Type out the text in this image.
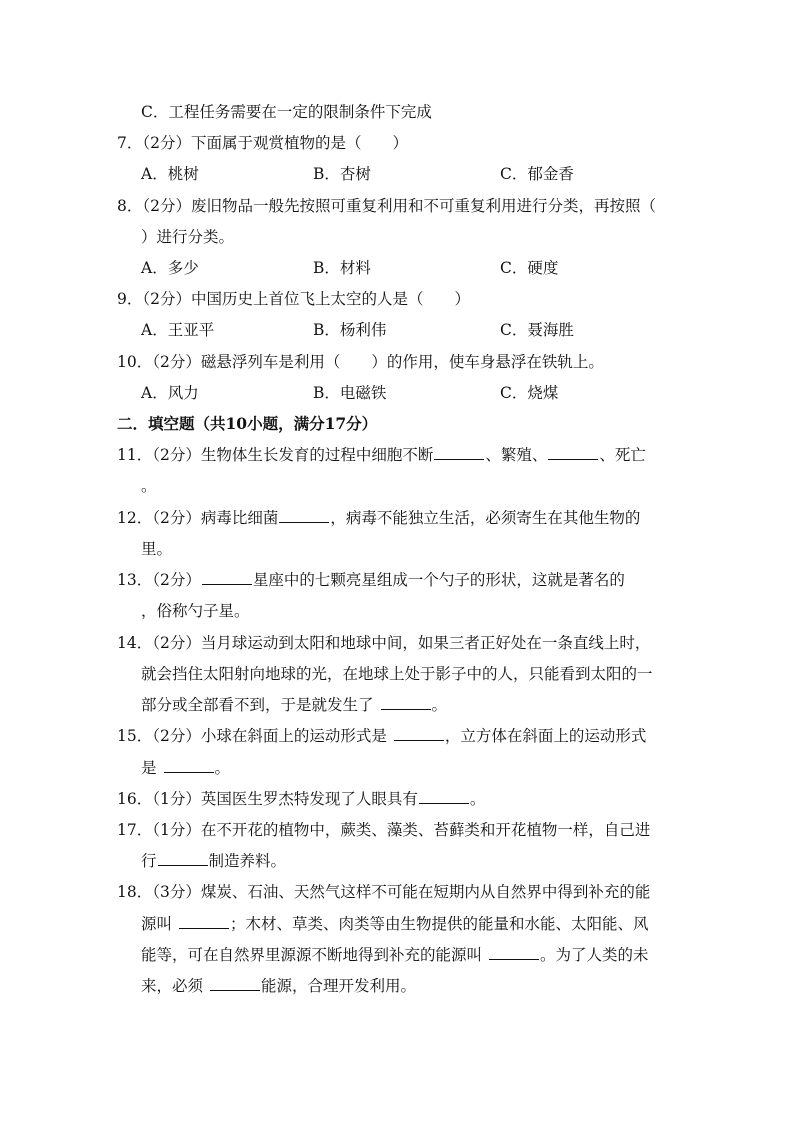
C．工程任务需要在一定的限制条件下完成
7．（2分）下面属于观赏植物的是（　　）
A．桃树	B．杏树	C．郁金香
8．（2分）废旧物品一般先按照可重复利用和不可重复利用进行分类，再按照（
）进行分类。
A．多少	B．材料	C．硬度
9．（2分）中国历史上首位飞上太空的人是（　　）
A．王亚平	B．杨利伟	C．聂海胜
10．（2分）磁悬浮列车是利用（　　）的作用，使车身悬浮在铁轨上。
A．风力	B．电磁铁	C．烧煤
二．填空题（共10小题，满分17分）
11．（2分）生物体生长发育的过程中细胞不断	、繁殖、	、死亡
。
12．（2分）病毒比细菌	，病毒不能独立生活，必须寄生在其他生物的
里。
13．（2分）	星座中的七颗亮星组成一个勺子的形状，这就是著名的
，俗称勺子星。
14．（2分）当月球运动到太阳和地球中间，如果三者正好处在一条直线上时，
就会挡住太阳射向地球的光，在地球上处于影子中的人，只能看到太阳的一
部分或全部看不到，于是就发生了	。
15．（2分）小球在斜面上的运动形式是	，立方体在斜面上的运动形式
是	。
16．（1分）英国医生罗杰特发现了人眼具有	。
17．（1分）在不开花的植物中，蕨类、藻类、苔藓类和开花植物一样，自己进
行	制造养料。
18．（3分）煤炭、石油、天然气这样不可能在短期内从自然界中得到补充的能
源叫	；木材、草类、肉类等由生物提供的能量和水能、太阳能、风
能等，可在自然界里源源不断地得到补充的能源叫	。为了人类的未
来，必须	能源，合理开发利用。
